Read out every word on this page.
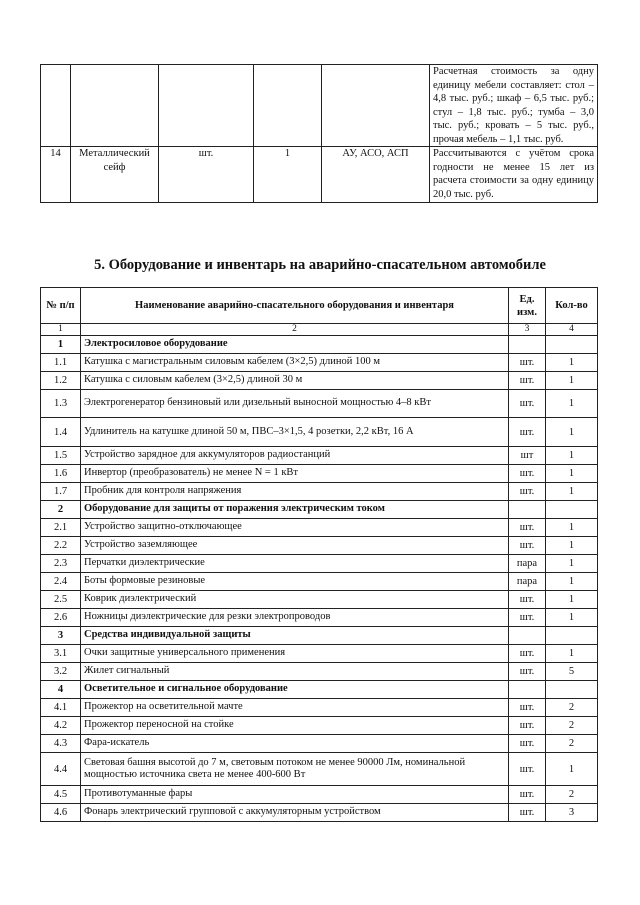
					Расчетная стоимость за одну единицу мебели составляет: стол – 4,8 тыс. руб.; шкаф – 6,5 тыс. руб.; стул – 1,8 тыс. руб.; тумба – 3,0 тыс. руб.; кровать – 5 тыс. руб., прочая мебель – 1,1 тыс. руб.
14	Металлический сейф	шт.	1	АУ, АСО, АСП	Рассчитываются с учётом срока годности не менее 15 лет из расчета стоимости за одну единицу 20,0 тыс. руб.
5. Оборудование и инвентарь на аварийно-спасательном автомобиле
№ п/п	Наименование аварийно-спасательного оборудования и инвентаря	Ед. изм.	Кол-во
1	2	3	4
1	Электросиловое оборудование		
1.1	Катушка с магистральным силовым кабелем (3×2,5) длиной 100 м	шт.	1
1.2	Катушка с силовым кабелем (3×2,5) длиной 30 м	шт.	1
1.3	Электрогенератор бензиновый или дизельный выносной мощностью 4–8 кВт	шт.	1
1.4	Удлинитель на катушке длиной 50 м, ПВС–3×1,5, 4 розетки, 2,2 кВт, 16 А	шт.	1
1.5	Устройство зарядное для аккумуляторов радиостанций	шт	1
1.6	Инвертор (преобразователь) не менее N = 1 кВт	шт.	1
1.7	Пробник для контроля напряжения	шт.	1
2	Оборудование для защиты от поражения электрическим током		
2.1	Устройство защитно-отключающее	шт.	1
2.2	Устройство заземляющее	шт.	1
2.3	Перчатки диэлектрические	пара	1
2.4	Боты формовые резиновые	пара	1
2.5	Коврик диэлектрический	шт.	1
2.6	Ножницы диэлектрические для резки электропроводов	шт.	1
3	Средства индивидуальной защиты		
3.1	Очки защитные универсального применения	шт.	1
3.2	Жилет сигнальный	шт.	5
4	Осветительное и сигнальное оборудование		
4.1	Прожектор на осветительной мачте	шт.	2
4.2	Прожектор переносной на стойке	шт.	2
4.3	Фара-искатель	шт.	2
4.4	Световая башня высотой до 7 м, световым потоком не менее 90000 Лм, номинальной мощностью источника света не менее 400-600 Вт	шт.	1
4.5	Противотуманные фары	шт.	2
4.6	Фонарь электрический групповой с аккумуляторным устройством	шт.	3
